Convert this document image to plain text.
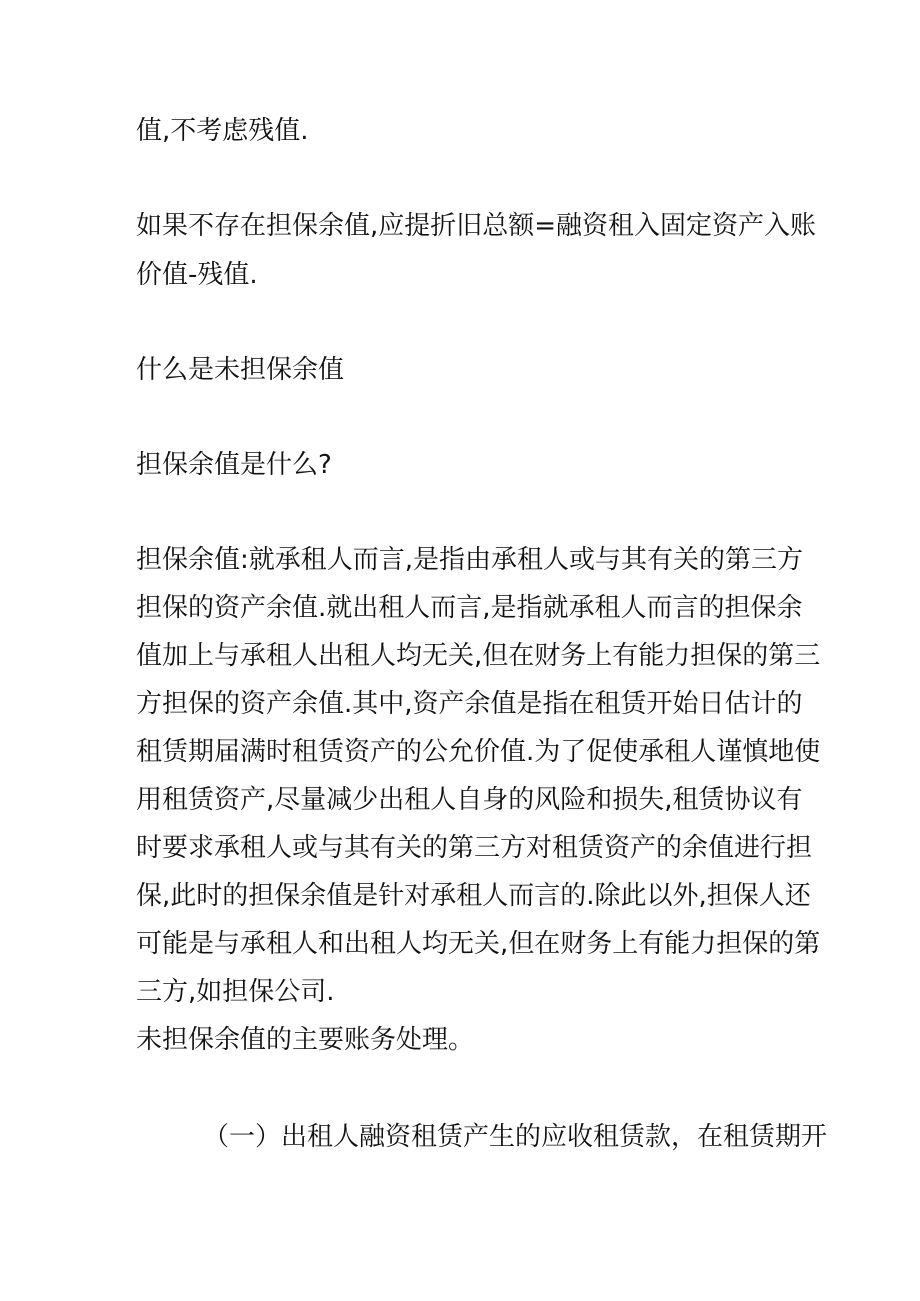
值,不考虑残值.
如果不存在担保余值,应提折旧总额=融资租入固定资产入账
价值-残值.
什么是未担保余值
担保余值是什么?
担保余值:就承租人而言,是指由承租人或与其有关的第三方
担保的资产余值.就出租人而言,是指就承租人而言的担保余
值加上与承租人出租人均无关,但在财务上有能力担保的第三
方担保的资产余值.其中,资产余值是指在租赁开始日估计的
租赁期届满时租赁资产的公允价值.为了促使承租人谨慎地使
用租赁资产,尽量减少出租人自身的风险和损失,租赁协议有
时要求承租人或与其有关的第三方对租赁资产的余值进行担
保,此时的担保余值是针对承租人而言的.除此以外,担保人还
可能是与承租人和出租人均无关,但在财务上有能力担保的第
三方,如担保公司.
未担保余值的主要账务处理。
（一）出租人融资租赁产生的应收租赁款，在租赁期开
